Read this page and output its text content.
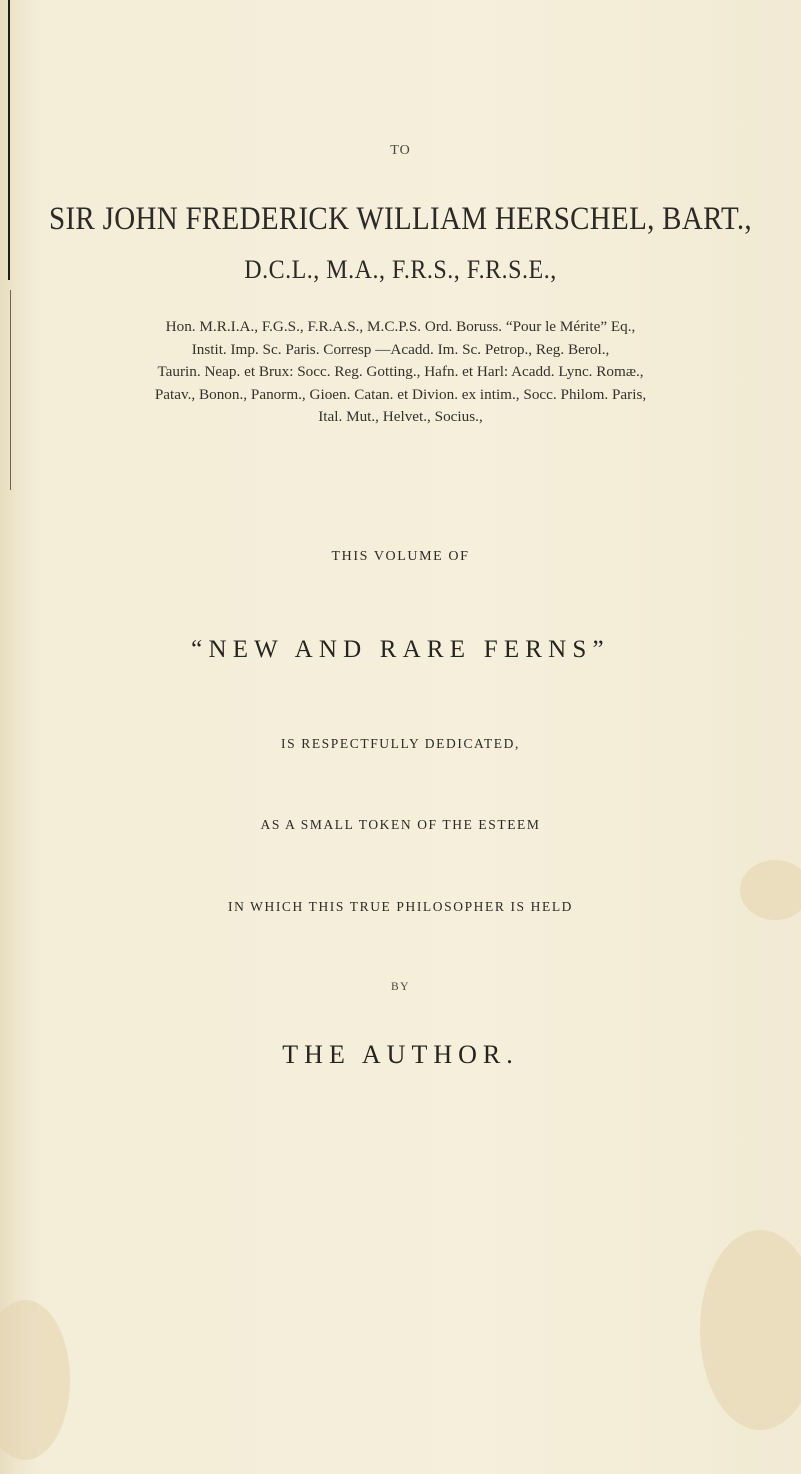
TO
SIR JOHN FREDERICK WILLIAM HERSCHEL, BART.,
D.C.L., M.A., F.R.S., F.R.S.E.,
Hon. M.R.I.A., F.G.S., F.R.A.S., M.C.P.S. Ord. Boruss. “Pour le Mérite” Eq.,
Instit. Imp. Sc. Paris. Corresp —Acadd. Im. Sc. Petrop., Reg. Berol.,
Taurin. Neap. et Brux: Socc. Reg. Gotting., Hafn. et Harl: Acadd. Lync. Romæ.,
Patav., Bonon., Panorm., Gioen. Catan. et Divion. ex intim., Socc. Philom. Paris,
Ital. Mut., Helvet., Socius.,
THIS VOLUME OF
“NEW AND RARE FERNS”
IS RESPECTFULLY DEDICATED,
AS A SMALL TOKEN OF THE ESTEEM
IN WHICH THIS TRUE PHILOSOPHER IS HELD
BY
THE AUTHOR.
